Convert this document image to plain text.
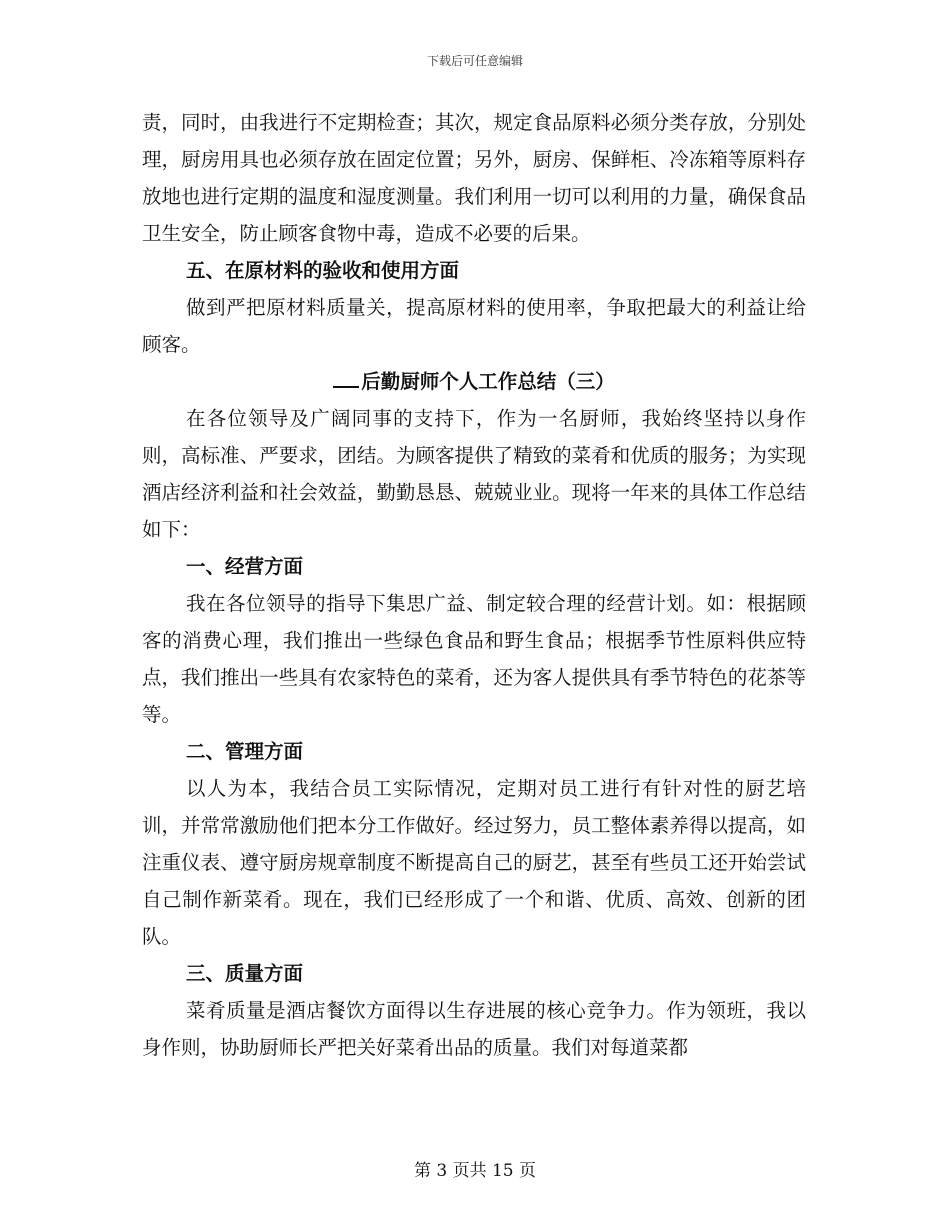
下载后可任意编辑

责，同时，由我进行不定期检查；其次，规定食品原料必须分类存放，分别处理，厨房用具也必须存放在固定位置；另外，厨房、保鲜柜、冷冻箱等原料存放地也进行定期的温度和湿度测量。我们利用一切可以利用的力量，确保食品卫生安全，防止顾客食物中毒，造成不必要的后果。

五、在原材料的验收和使用方面

做到严把原材料质量关，提高原材料的使用率，争取把最大的利益让给顾客。

后勤厨师个人工作总结（三）

在各位领导及广阔同事的支持下，作为一名厨师，我始终坚持以身作则，高标准、严要求，团结。为顾客提供了精致的菜肴和优质的服务；为实现酒店经济利益和社会效益，勤勤恳恳、兢兢业业。现将一年来的具体工作总结如下：

一、经营方面

我在各位领导的指导下集思广益、制定较合理的经营计划。如：根据顾客的消费心理，我们推出一些绿色食品和野生食品；根据季节性原料供应特点，我们推出一些具有农家特色的菜肴，还为客人提供具有季节特色的花茶等等。

二、管理方面

以人为本，我结合员工实际情况，定期对员工进行有针对性的厨艺培训，并常常激励他们把本分工作做好。经过努力，员工整体素养得以提高，如注重仪表、遵守厨房规章制度不断提高自己的厨艺，甚至有些员工还开始尝试自己制作新菜肴。现在，我们已经形成了一个和谐、优质、高效、创新的团队。

三、质量方面

菜肴质量是酒店餐饮方面得以生存进展的核心竞争力。作为领班，我以身作则，协助厨师长严把关好菜肴出品的质量。我们对每道菜都

第 3 页共 15 页
